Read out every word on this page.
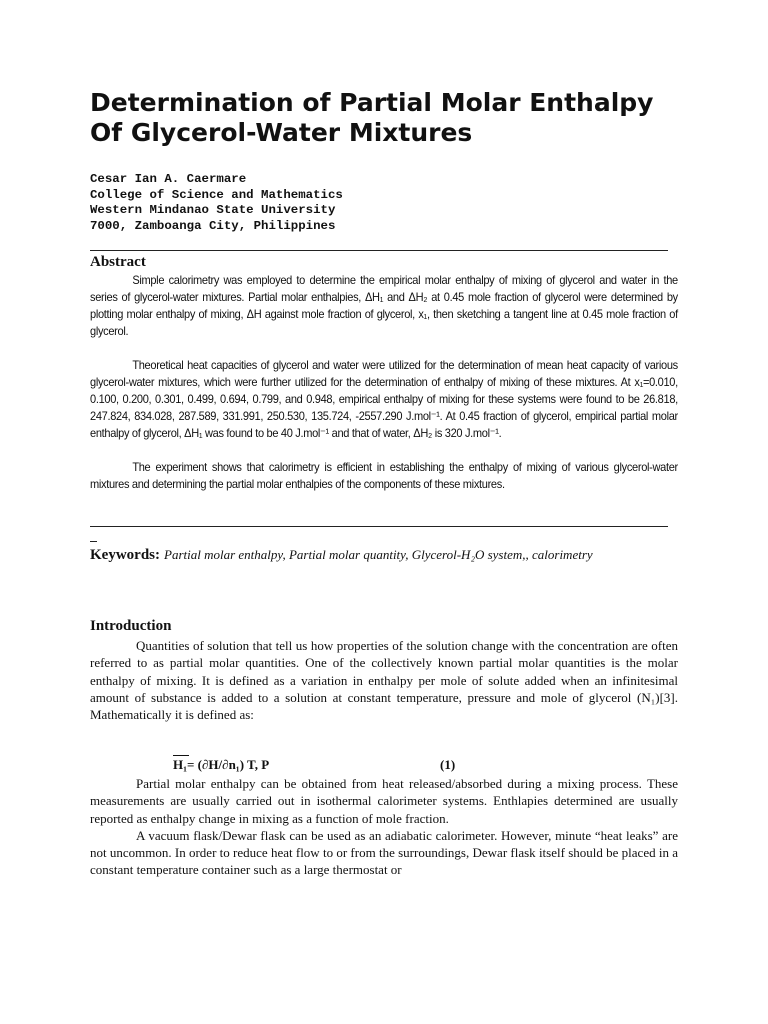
Determination of Partial Molar Enthalpy
Of Glycerol-Water Mixtures
Cesar Ian A. Caermare
College of Science and Mathematics
Western Mindanao State University
7000, Zamboanga City, Philippines
Abstract

Simple calorimetry was employed to determine the empirical molar enthalpy of mixing of glycerol and water in the series of glycerol-water mixtures. Partial molar enthalpies, ΔH₁ and ΔH₂ at 0.45 mole fraction of glycerol were determined by plotting molar enthalpy of mixing, ΔH against mole fraction of glycerol, x₁, then sketching a tangent line at 0.45 mole fraction of glycerol.

Theoretical heat capacities of glycerol and water were utilized for the determination of mean heat capacity of various glycerol-water mixtures, which were further utilized for the determination of enthalpy of mixing of these mixtures. At x₁=0.010, 0.100, 0.200, 0.301, 0.499, 0.694, 0.799, and 0.948, empirical enthalpy of mixing for these systems were found to be 26.818, 247.824, 834.028, 287.589, 331.991, 250.530, 135.724, -2557.290 J.mol⁻¹. At 0.45 fraction of glycerol, empirical partial molar enthalpy of glycerol, ΔH₁ was found to be 40 J.mol⁻¹ and that of water, ΔH₂ is 320 J.mol⁻¹.

The experiment shows that calorimetry is efficient in establishing the enthalpy of mixing of various glycerol-water mixtures and determining the partial molar enthalpies of the components of these mixtures.

Keywords: Partial molar enthalpy, Partial molar quantity, Glycerol-H₂O system,, calorimetry
Introduction

Quantities of solution that tell us how properties of the solution change with the concentration are often referred to as partial molar quantities. One of the collectively known partial molar quantities is the molar enthalpy of mixing. It is defined as a variation in enthalpy per mole of solute added when an infinitesimal amount of substance is added to a solution at constant temperature, pressure and mole of glycerol (N₁)[3]. Mathematically it is defined as:

H₁= (∂H/∂n₁) T, P	(1)

Partial molar enthalpy can be obtained from heat released/absorbed during a mixing process. These measurements are usually carried out in isothermal calorimeter systems. Enthlapies determined are usually reported as enthalpy change in mixing as a function of mole fraction.

A vacuum flask/Dewar flask can be used as an adiabatic calorimeter. However, minute “heat leaks” are not uncommon. In order to reduce heat flow to or from the surroundings, Dewar flask itself should be placed in a constant temperature container such as a large thermostat or
